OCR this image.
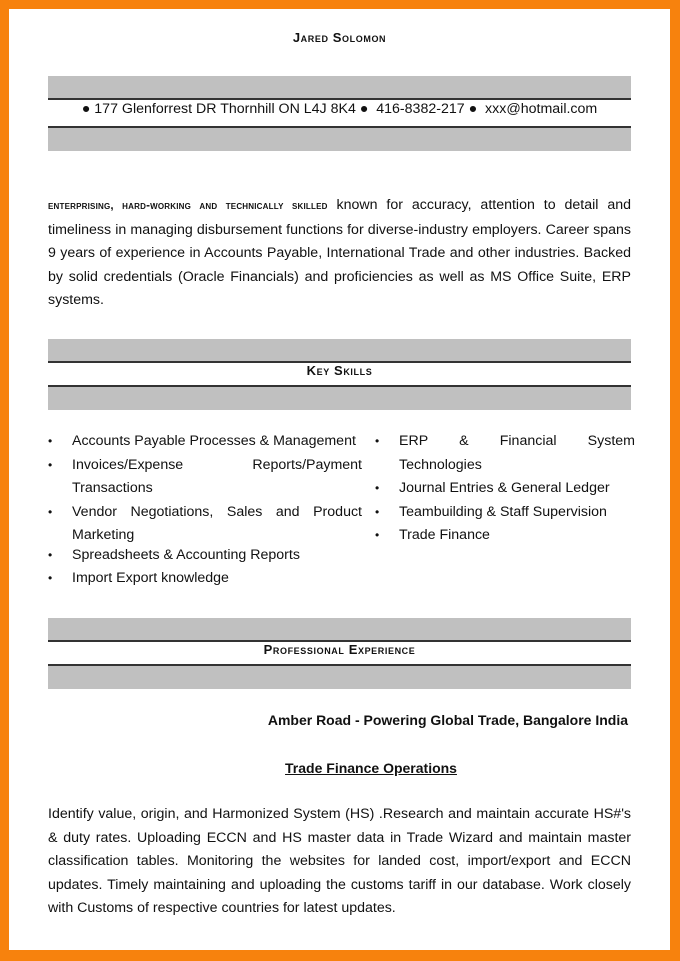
Jared Solomon
● 177 Glenforrest DR Thornhill ON L4J 8K4 ● 416-8382-217 ● xxx@hotmail.com
enterprising, hard-working and technically skilled known for accuracy, attention to detail and timeliness in managing disbursement functions for diverse-industry employers. Career spans 9 years of experience in Accounts Payable, International Trade and other industries. Backed by solid credentials (Oracle Financials) and proficiencies as well as MS Office Suite, ERP systems.
Key Skills
• Accounts Payable Processes & Management
• Invoices/Expense Reports/Payment Transactions
• Vendor Negotiations, Sales and Product Marketing
• Spreadsheets & Accounting Reports
• Import Export knowledge
• ERP & Financial System Technologies
• Journal Entries & General Ledger
• Teambuilding & Staff Supervision
• Trade Finance
Professional Experience
Amber Road - Powering Global Trade, Bangalore India
Trade Finance Operations
Identify value, origin, and Harmonized System (HS) .Research and maintain accurate HS#'s & duty rates. Uploading ECCN and HS master data in Trade Wizard and maintain master classification tables. Monitoring the websites for landed cost, import/export and ECCN updates. Timely maintaining and uploading the customs tariff in our database. Work closely with Customs of respective countries for latest updates.
